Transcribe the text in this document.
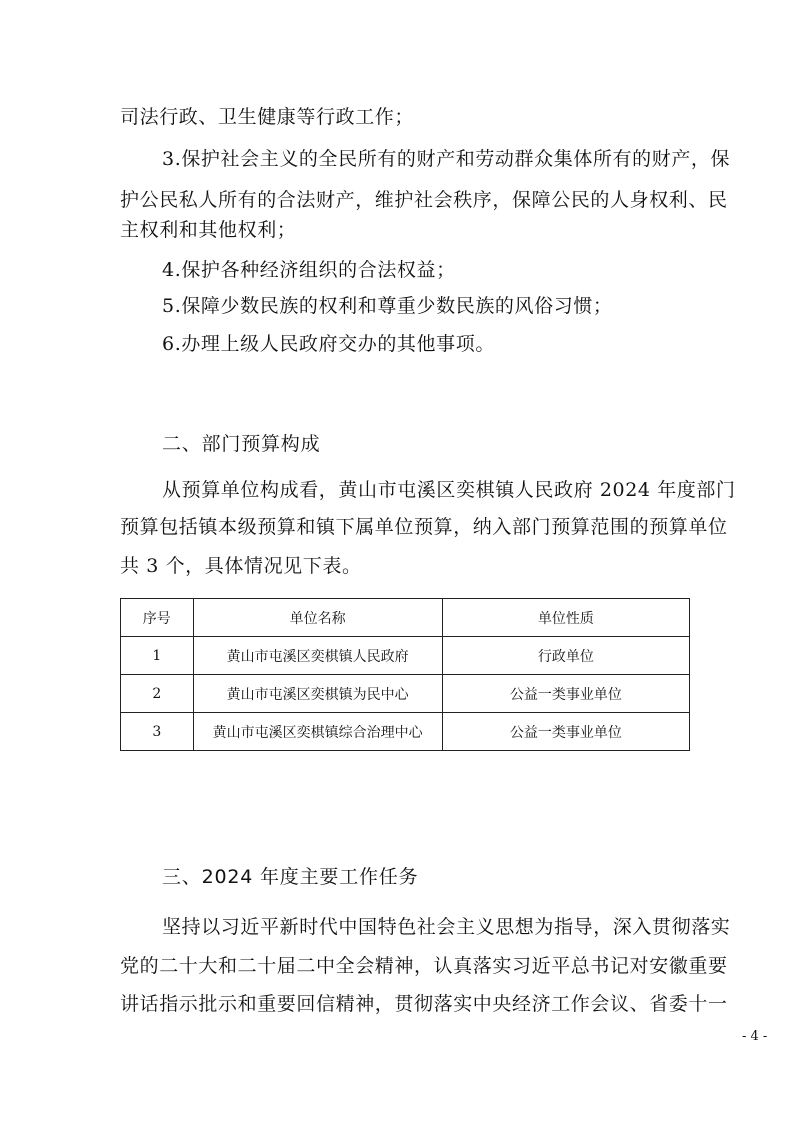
司法行政、卫生健康等行政工作；
3.保护社会主义的全民所有的财产和劳动群众集体所有的财产，保
护公民私人所有的合法财产，维护社会秩序，保障公民的人身权利、民
主权利和其他权利；
4.保护各种经济组织的合法权益；
5.保障少数民族的权利和尊重少数民族的风俗习惯；
6.办理上级人民政府交办的其他事项。
二、部门预算构成
从预算单位构成看，黄山市屯溪区奕棋镇人民政府 2024 年度部门
预算包括镇本级预算和镇下属单位预算，纳入部门预算范围的预算单位
共 3 个，具体情况见下表。
序号	单位名称	单位性质
1	黄山市屯溪区奕棋镇人民政府	行政单位
2	黄山市屯溪区奕棋镇为民中心	公益一类事业单位
3	黄山市屯溪区奕棋镇综合治理中心	公益一类事业单位
三、2024 年度主要工作任务
坚持以习近平新时代中国特色社会主义思想为指导，深入贯彻落实
党的二十大和二十届二中全会精神，认真落实习近平总书记对安徽重要
讲话指示批示和重要回信精神，贯彻落实中央经济工作会议、省委十一
- 4 -
